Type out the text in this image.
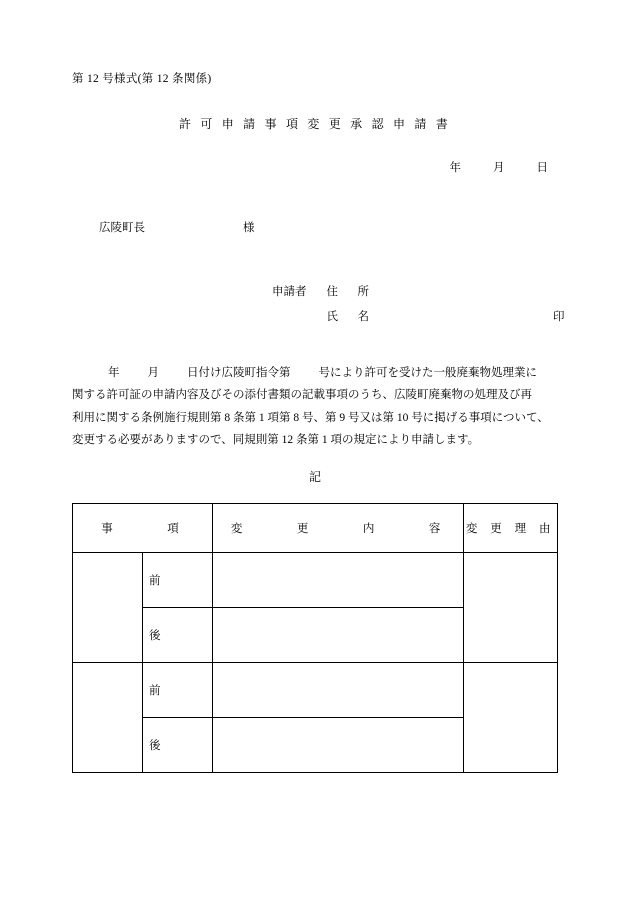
第 12 号様式(第 12 条関係)
許 可 申 請 事 項 変 更 承 認 申 請 書
年	月	日
広陵町長	様
申請者 住　所
氏　名	印
年 月 日付け広陵町指令第 号により許可を受けた一般廃棄物処理業に
関する許可証の申請内容及びその添付書類の記載事項のうち、広陵町廃棄物の処理及び再
利用に関する条例施行規則第 8 条第 1 項第 8 号、第 9 号又は第 10 号に掲げる事項について、
変更する必要がありますので、同規則第 12 条第 1 項の規定により申請します。
記
事　　　項		変　　　更　　　内　　　容	変 更 理 由
	前		
	後		
	前		
	後		
